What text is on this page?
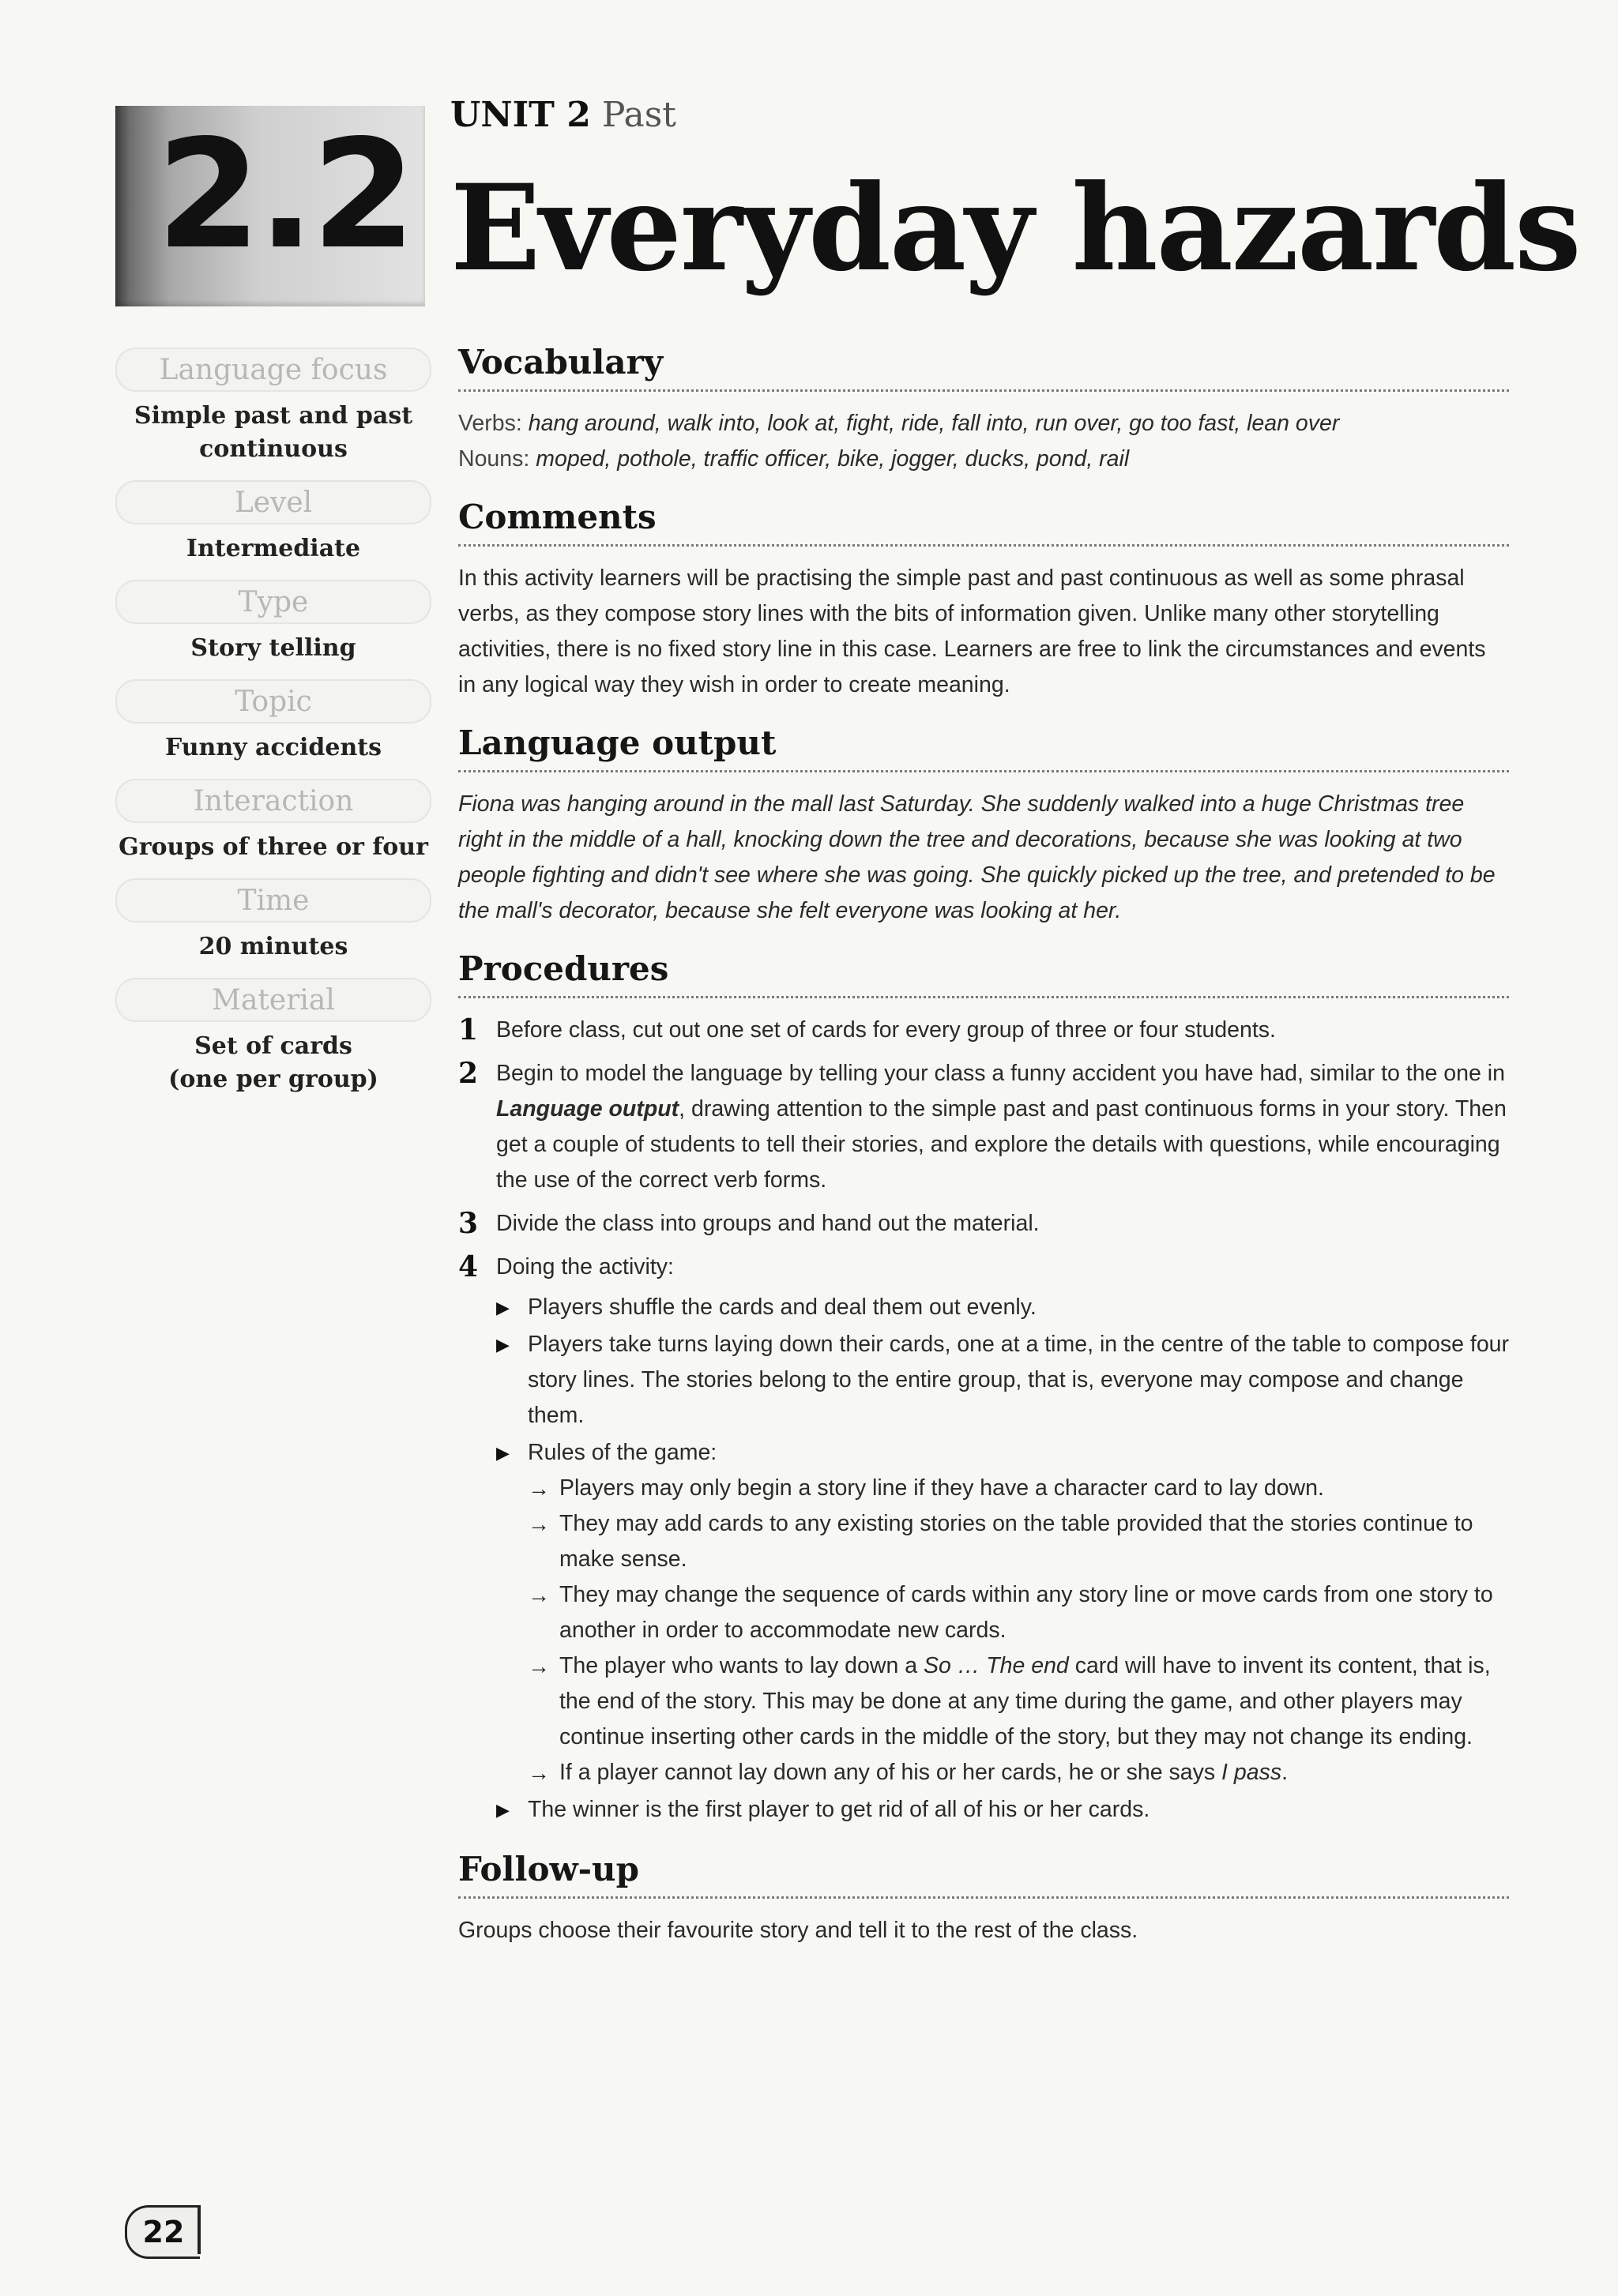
2.2 UNIT 2 Past
Everyday hazards
Language focus
Simple past and past
continuous
Level
Intermediate
Type
Story telling
Topic
Funny accidents
Interaction
Groups of three or four
Time
20 minutes
Material
Set of cards
(one per group)
Vocabulary

Verbs: hang around, walk into, look at, fight, ride, fall into, run over, go too fast, lean over

Nouns: moped, pothole, traffic officer, bike, jogger, ducks, pond, rail

Comments

In this activity learners will be practising the simple past and past continuous as well as some phrasal verbs, as they compose story lines with the bits of information given. Unlike many other storytelling activities, there is no fixed story line in this case. Learners are free to link the circumstances and events in any logical way they wish in order to create meaning.

Language output

Fiona was hanging around in the mall last Saturday. She suddenly walked into a huge Christmas tree right in the middle of a hall, knocking down the tree and decorations, because she was looking at two people fighting and didn't see where she was going. She quickly picked up the tree, and pretended to be the mall's decorator, because she felt everyone was looking at her.

Procedures
1 Before class, cut out one set of cards for every group of three or four students.
2 Begin to model the language by telling your class a funny accident you have had, similar to the one in Language output, drawing attention to the simple past and past continuous forms in your story. Then get a couple of students to tell their stories, and explore the details with questions, while encouraging the use of the correct verb forms.
3 Divide the class into groups and hand out the material.
4 Doing the activity:
▶ Players shuffle the cards and deal them out evenly.
▶ Players take turns laying down their cards, one at a time, in the centre of the table to compose four story lines. The stories belong to the entire group, that is, everyone may compose and change them.
▶ Rules of the game:
→ Players may only begin a story line if they have a character card to lay down.
→ They may add cards to any existing stories on the table provided that the stories continue to make sense.
→ They may change the sequence of cards within any story line or move cards from one story to another in order to accommodate new cards.
→ The player who wants to lay down a So … The end card will have to invent its content, that is, the end of the story. This may be done at any time during the game, and other players may continue inserting other cards in the middle of the story, but they may not change its ending.
→ If a player cannot lay down any of his or her cards, he or she says I pass.
▶ The winner is the first player to get rid of all of his or her cards.
Follow-up

Groups choose their favourite story and tell it to the rest of the class.

22
